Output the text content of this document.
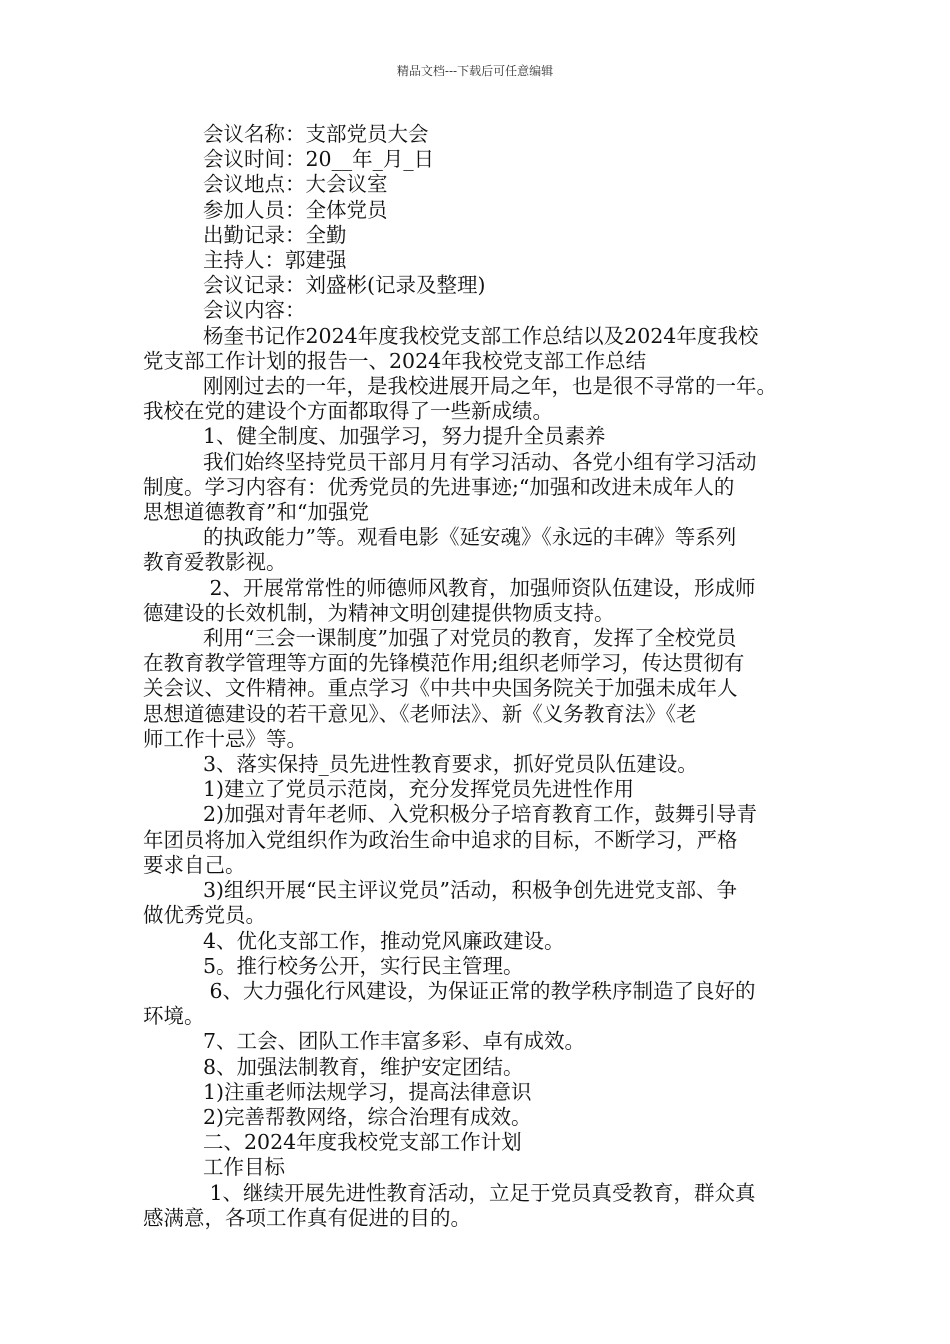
精品文档---下载后可任意编辑
会议名称：支部党员大会
会议时间：20__年_月_日
会议地点：大会议室
参加人员：全体党员
出勤记录：全勤
主持人：郭建强
会议记录：刘盛彬(记录及整理)
会议内容：
杨奎书记作2024年度我校党支部工作总结以及2024年度我校
党支部工作计划的报告一、2024年我校党支部工作总结
刚刚过去的一年，是我校进展开局之年，也是很不寻常的一年。
我校在党的建设个方面都取得了一些新成绩。
1、健全制度、加强学习，努力提升全员素养
我们始终坚持党员干部月月有学习活动、各党小组有学习活动
制度。学习内容有：优秀党员的先进事迹;“加强和改进未成年人的
思想道德教育”和“加强党
的执政能力”等。观看电影《延安魂》《永远的丰碑》等系列
教育爱教影视。
2、开展常常性的师德师风教育，加强师资队伍建设，形成师
德建设的长效机制，为精神文明创建提供物质支持。
利用“三会一课制度”加强了对党员的教育，发挥了全校党员
在教育教学管理等方面的先锋模范作用;组织老师学习，传达贯彻有
关会议、文件精神。重点学习《中共中央国务院关于加强未成年人
思想道德建设的若干意见》、《老师法》、新《义务教育法》《老
师工作十忌》等。
3、落实保持_员先进性教育要求，抓好党员队伍建设。
1)建立了党员示范岗，充分发挥党员先进性作用
2)加强对青年老师、入党积极分子培育教育工作，鼓舞引导青
年团员将加入党组织作为政治生命中追求的目标，不断学习，严格
要求自己。
3)组织开展“民主评议党员”活动，积极争创先进党支部、争
做优秀党员。
4、优化支部工作，推动党风廉政建设。
5。推行校务公开，实行民主管理。
6、大力强化行风建设，为保证正常的教学秩序制造了良好的
环境。
7、工会、团队工作丰富多彩、卓有成效。
8、加强法制教育，维护安定团结。
1)注重老师法规学习，提高法律意识
2)完善帮教网络，综合治理有成效。
二、2024年度我校党支部工作计划
工作目标
1、继续开展先进性教育活动，立足于党员真受教育，群众真
感满意，各项工作真有促进的目的。
